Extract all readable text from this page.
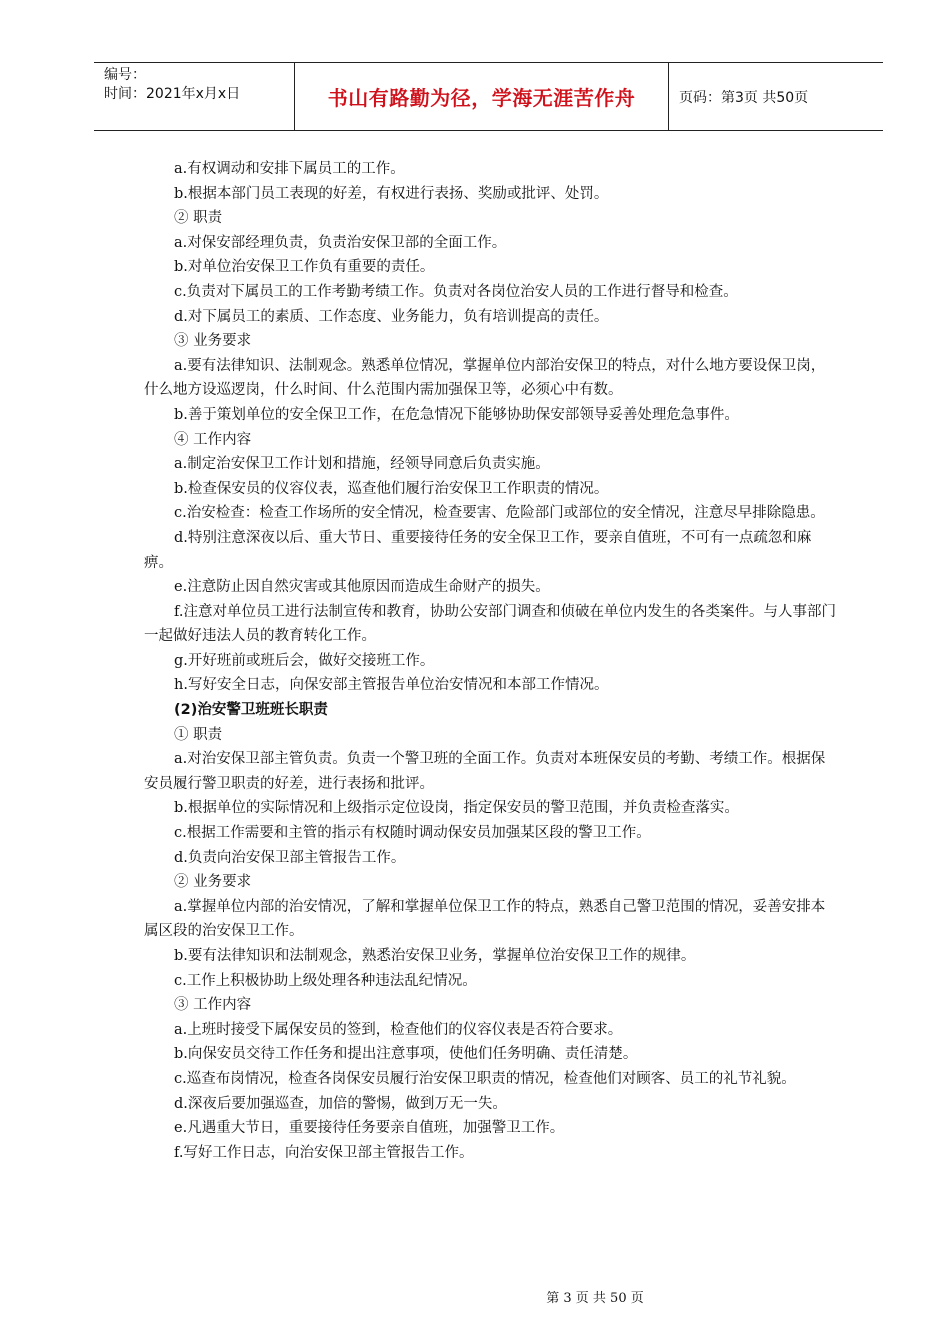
编号：
时间：2021年x月x日	书山有路勤为径，学海无涯苦作舟	页码：第3页 共50页

a.有权调动和安排下属员工的工作。

b.根据本部门员工表现的好差，有权进行表扬、奖励或批评、处罚。

② 职责

a.对保安部经理负责，负责治安保卫部的全面工作。

b.对单位治安保卫工作负有重要的责任。

c.负责对下属员工的工作考勤考绩工作。负责对各岗位治安人员的工作进行督导和检查。

d.对下属员工的素质、工作态度、业务能力，负有培训提高的责任。

③ 业务要求

a.要有法律知识、法制观念。熟悉单位情况，掌握单位内部治安保卫的特点，对什么地方要设保卫岗，什么地方设巡逻岗，什么时间、什么范围内需加强保卫等，必须心中有数。

b.善于策划单位的安全保卫工作，在危急情况下能够协助保安部领导妥善处理危急事件。

④ 工作内容

a.制定治安保卫工作计划和措施，经领导同意后负责实施。

b.检查保安员的仪容仪表，巡查他们履行治安保卫工作职责的情况。

c.治安检查：检查工作场所的安全情况，检查要害、危险部门或部位的安全情况，注意尽早排除隐患。

d.特别注意深夜以后、重大节日、重要接待任务的安全保卫工作，要亲自值班，不可有一点疏忽和麻痹。

e.注意防止因自然灾害或其他原因而造成生命财产的损失。

f.注意对单位员工进行法制宣传和教育，协助公安部门调查和侦破在单位内发生的各类案件。与人事部门一起做好违法人员的教育转化工作。

g.开好班前或班后会，做好交接班工作。

h.写好安全日志，向保安部主管报告单位治安情况和本部工作情况。

(2)治安警卫班班长职责

① 职责

a.对治安保卫部主管负责。负责一个警卫班的全面工作。负责对本班保安员的考勤、考绩工作。根据保安员履行警卫职责的好差，进行表扬和批评。

b.根据单位的实际情况和上级指示定位设岗，指定保安员的警卫范围，并负责检查落实。

c.根据工作需要和主管的指示有权随时调动保安员加强某区段的警卫工作。

d.负责向治安保卫部主管报告工作。

② 业务要求

a.掌握单位内部的治安情况，了解和掌握单位保卫工作的特点，熟悉自己警卫范围的情况，妥善安排本属区段的治安保卫工作。

b.要有法律知识和法制观念，熟悉治安保卫业务，掌握单位治安保卫工作的规律。

c.工作上积极协助上级处理各种违法乱纪情况。

③ 工作内容

a.上班时接受下属保安员的签到，检查他们的仪容仪表是否符合要求。

b.向保安员交待工作任务和提出注意事项，使他们任务明确、责任清楚。

c.巡查布岗情况，检查各岗保安员履行治安保卫职责的情况，检查他们对顾客、员工的礼节礼貌。

d.深夜后要加强巡查，加倍的警惕，做到万无一失。

e.凡遇重大节日，重要接待任务要亲自值班，加强警卫工作。

f.写好工作日志，向治安保卫部主管报告工作。

第 3 页 共 50 页
